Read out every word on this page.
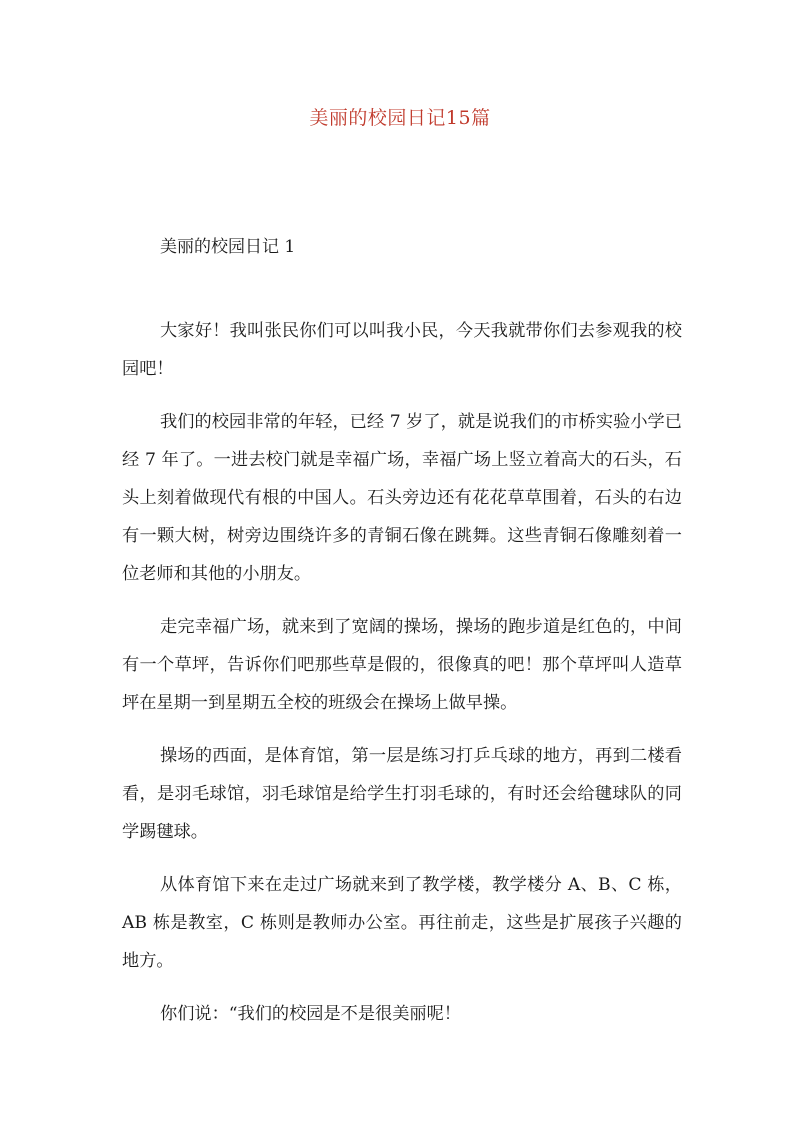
美丽的校园日记15篇
美丽的校园日记 1

大家好！我叫张民你们可以叫我小民，今天我就带你们去参观我的校园吧！

我们的校园非常的年轻，已经 7 岁了，就是说我们的市桥实验小学已经 7 年了。一进去校门就是幸福广场，幸福广场上竖立着高大的石头，石头上刻着做现代有根的中国人。石头旁边还有花花草草围着，石头的右边有一颗大树，树旁边围绕许多的青铜石像在跳舞。这些青铜石像雕刻着一位老师和其他的小朋友。

走完幸福广场，就来到了宽阔的操场，操场的跑步道是红色的，中间有一个草坪，告诉你们吧那些草是假的，很像真的吧！那个草坪叫人造草坪在星期一到星期五全校的班级会在操场上做早操。

操场的西面，是体育馆，第一层是练习打乒乓球的地方，再到二楼看看，是羽毛球馆，羽毛球馆是给学生打羽毛球的，有时还会给毽球队的同学踢毽球。

从体育馆下来在走过广场就来到了教学楼，教学楼分 A、B、C 栋，AB 栋是教室，C 栋则是教师办公室。再往前走，这些是扩展孩子兴趣的地方。

你们说：“我们的校园是不是很美丽呢！
